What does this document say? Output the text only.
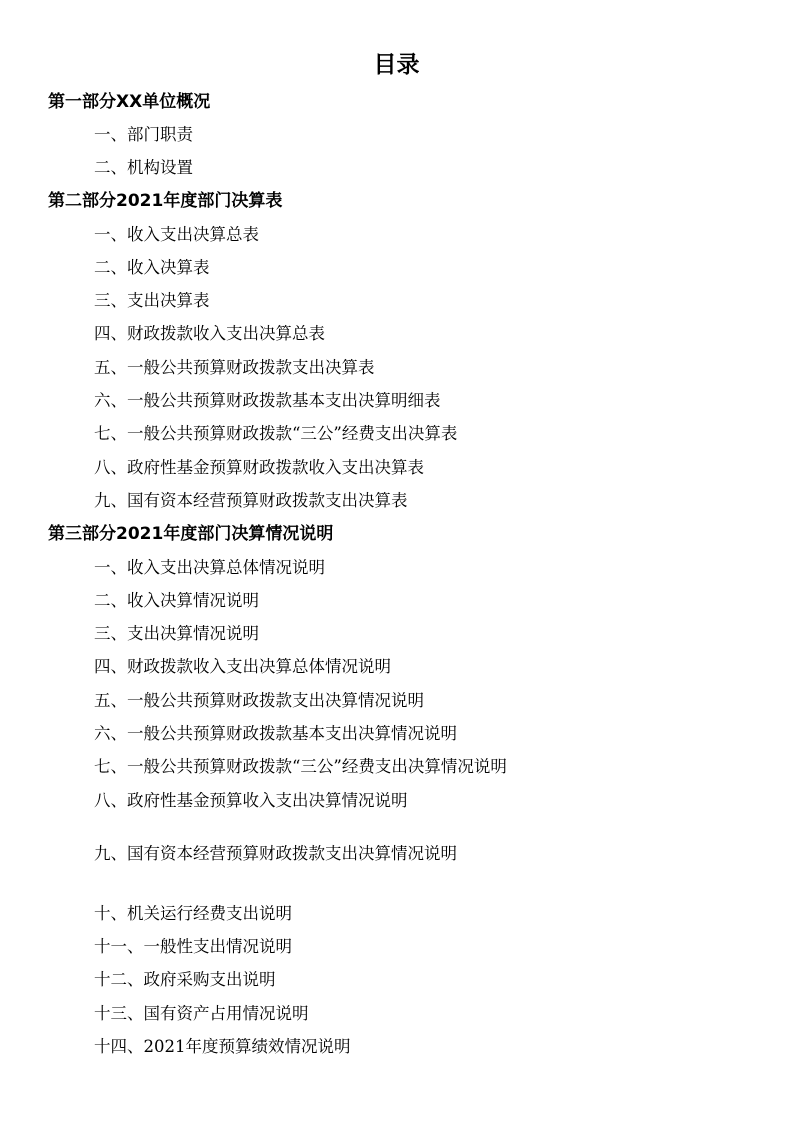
目录
第一部分XX单位概况
一、部门职责
二、机构设置
第二部分2021年度部门决算表
一、收入支出决算总表
二、收入决算表
三、支出决算表
四、财政拨款收入支出决算总表
五、一般公共预算财政拨款支出决算表
六、一般公共预算财政拨款基本支出决算明细表
七、一般公共预算财政拨款“三公”经费支出决算表
八、政府性基金预算财政拨款收入支出决算表
九、国有资本经营预算财政拨款支出决算表
第三部分2021年度部门决算情况说明
一、收入支出决算总体情况说明
二、收入决算情况说明
三、支出决算情况说明
四、财政拨款收入支出决算总体情况说明
五、一般公共预算财政拨款支出决算情况说明
六、一般公共预算财政拨款基本支出决算情况说明
七、一般公共预算财政拨款“三公”经费支出决算情况说明
八、政府性基金预算收入支出决算情况说明
九、国有资本经营预算财政拨款支出决算情况说明
十、机关运行经费支出说明
十一、一般性支出情况说明
十二、政府采购支出说明
十三、国有资产占用情况说明
十四、2021年度预算绩效情况说明
